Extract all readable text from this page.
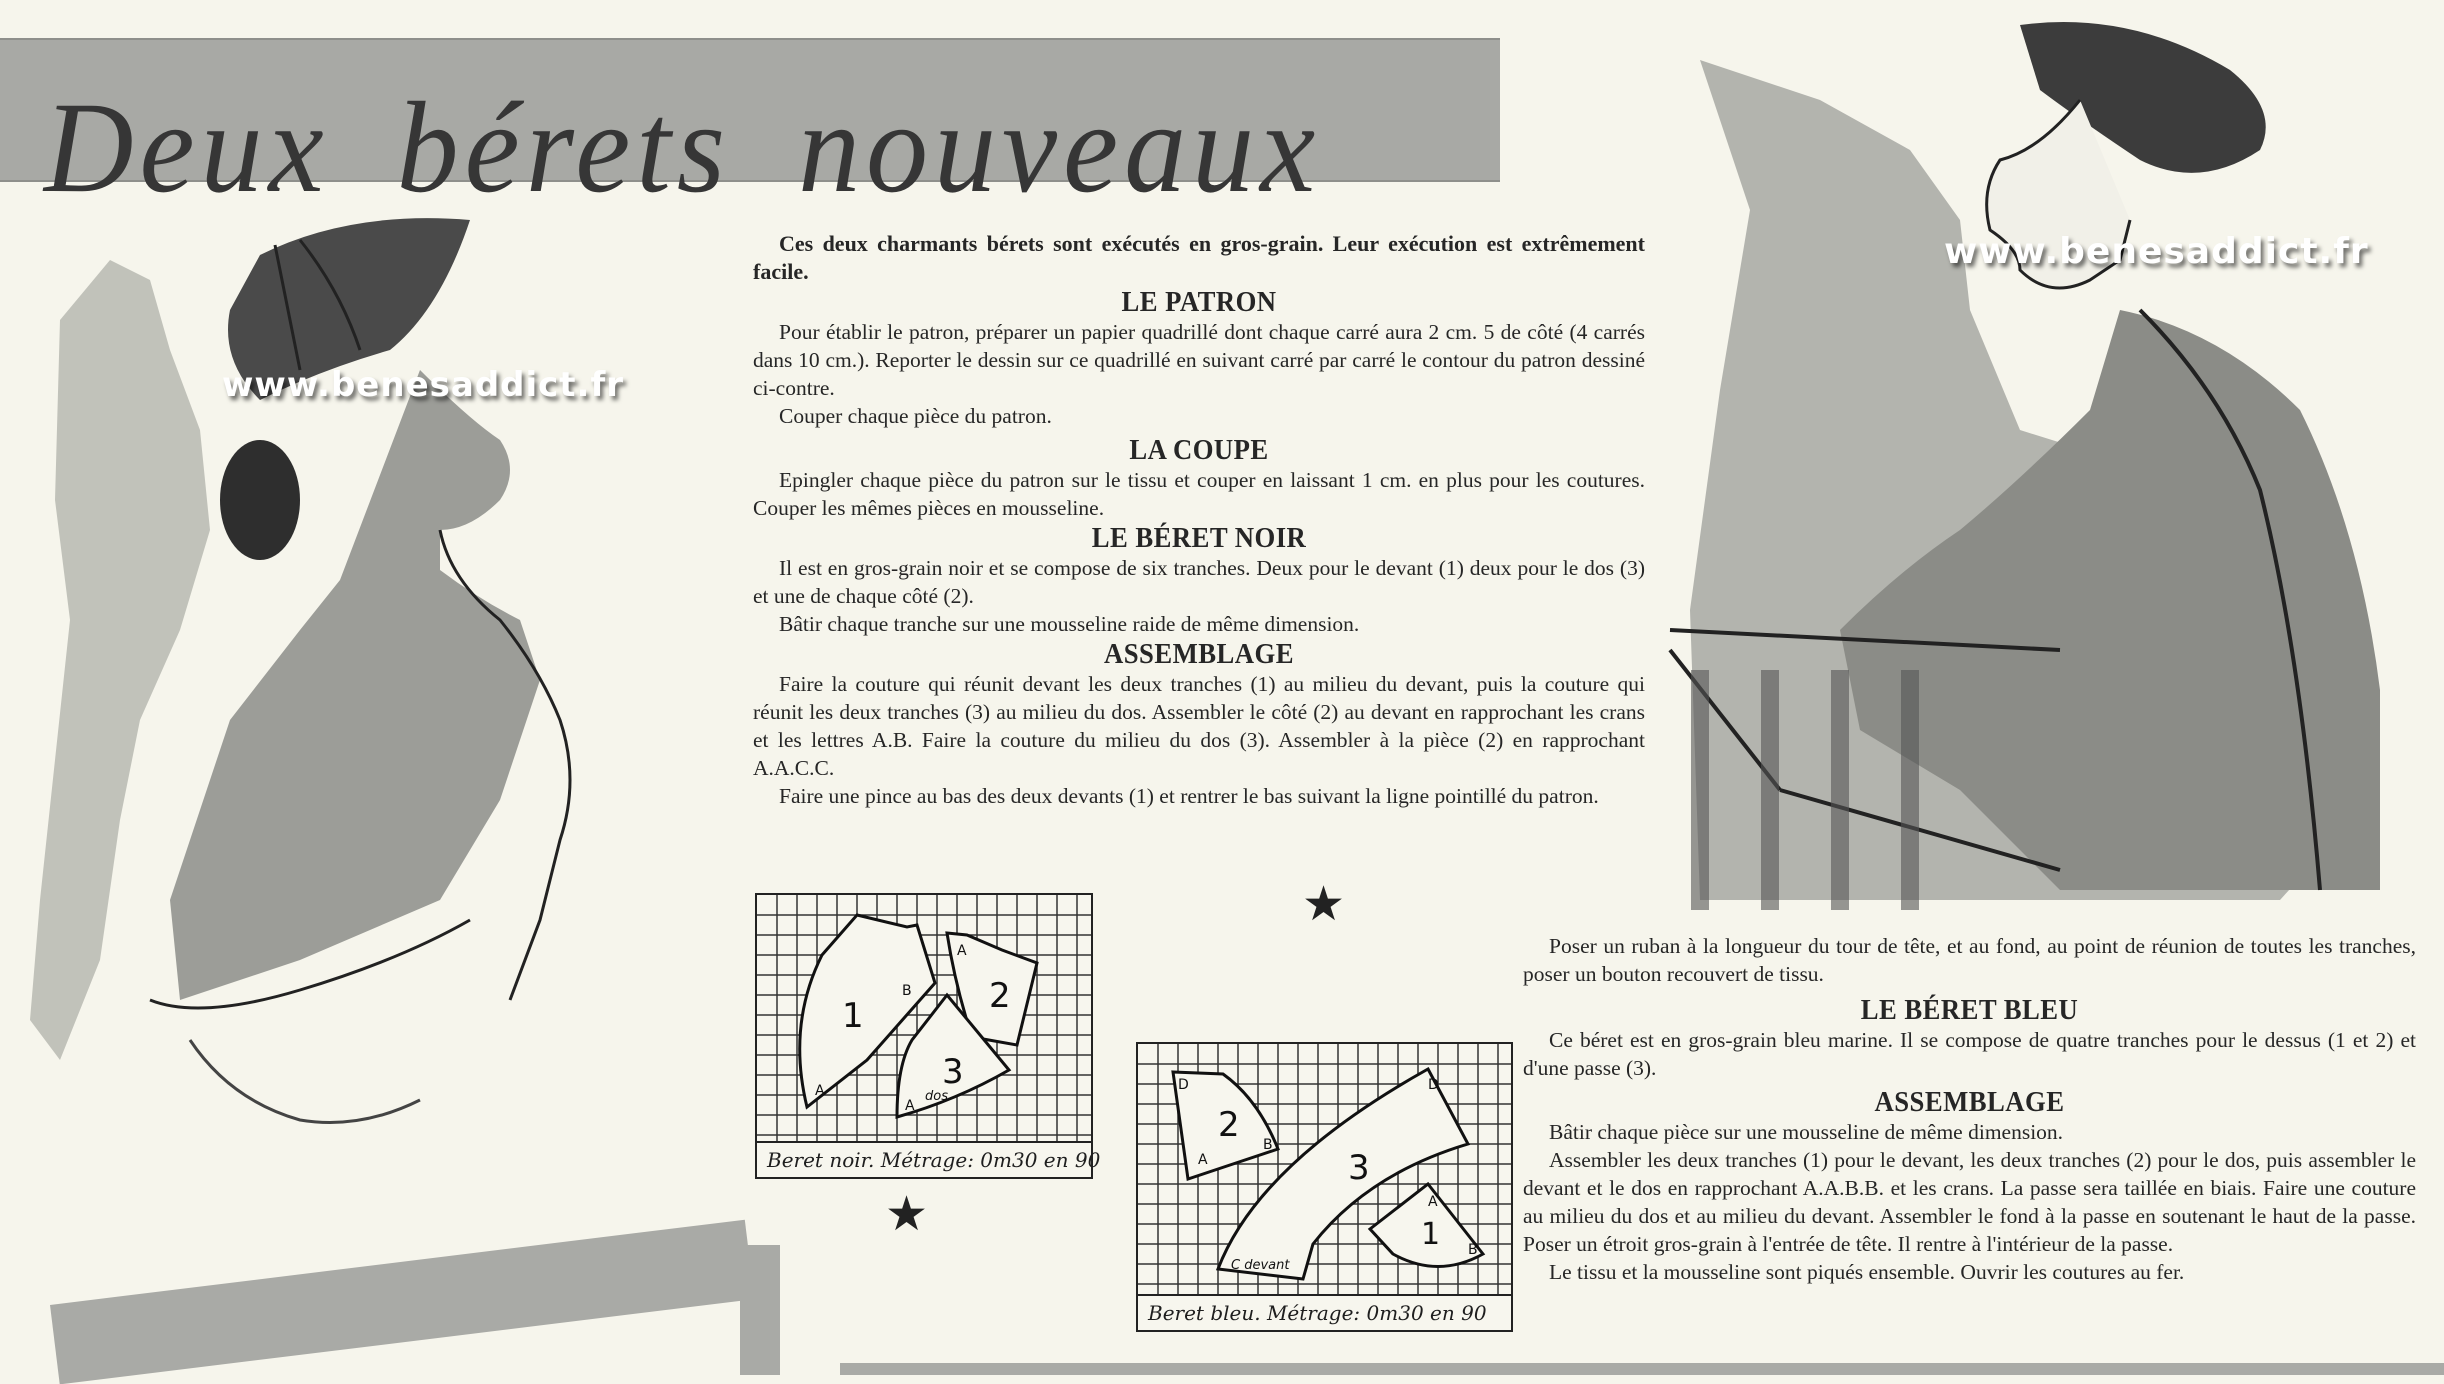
Deux bérets nouveaux
www.benesaddict.fr
www.benesaddict.fr

Ces deux charmants bérets sont exécutés en gros-grain. Leur exécution est extrêmement facile.

LE PATRON

Pour établir le patron, préparer un papier quadrillé dont chaque carré aura 2 cm. 5 de côté (4 carrés dans 10 cm.). Reporter le dessin sur ce quadrillé en suivant carré par carré le contour du patron dessiné ci-contre.

Couper chaque pièce du patron.

LA COUPE

Epingler chaque pièce du patron sur le tissu et couper en laissant 1 cm. en plus pour les coutures. Couper les mêmes pièces en mousseline.

LE BÉRET NOIR

Il est en gros-grain noir et se compose de six tranches. Deux pour le devant (1) deux pour le dos (3) et une de chaque côté (2).

Bâtir chaque tranche sur une mousseline raide de même dimension.

ASSEMBLAGE

Faire la couture qui réunit devant les deux tranches (1) au milieu du devant, puis la couture qui réunit les deux tranches (3) au milieu du dos. Assembler le côté (2) au devant en rapprochant les crans et les lettres A.B. Faire la couture du milieu du dos (3). Assembler à la pièce (2) en rapprochant A.A.C.C.

Faire une pince au bas des deux devants (1) et rentrer le bas suivant la ligne pointillé du patron.

1	2
3
A
B
A
A
dos
Beret noir. Métrage: 0m30 en 90
2
3
1
C devant
A
B
A
B
D	D
Beret bleu. Métrage: 0m30 en 90
★
★

Poser un ruban à la longueur du tour de tête, et au fond, au point de réunion de toutes les tranches, poser un bouton recouvert de tissu.

LE BÉRET BLEU

Ce béret est en gros-grain bleu marine. Il se compose de quatre tranches pour le dessus (1 et 2) et d'une passe (3).

ASSEMBLAGE

Bâtir chaque pièce sur une mousseline de même dimension.

Assembler les deux tranches (1) pour le devant, les deux tranches (2) pour le dos, puis assembler le devant et le dos en rapprochant A.A.B.B. et les crans. La passe sera taillée en biais. Faire une couture au milieu du dos et au milieu du devant. Assembler le fond à la passe en soutenant le haut de la passe. Poser un étroit gros-grain à l'entrée de tête. Il rentre à l'intérieur de la passe.

Le tissu et la mousseline sont piqués ensemble. Ouvrir les coutures au fer.
